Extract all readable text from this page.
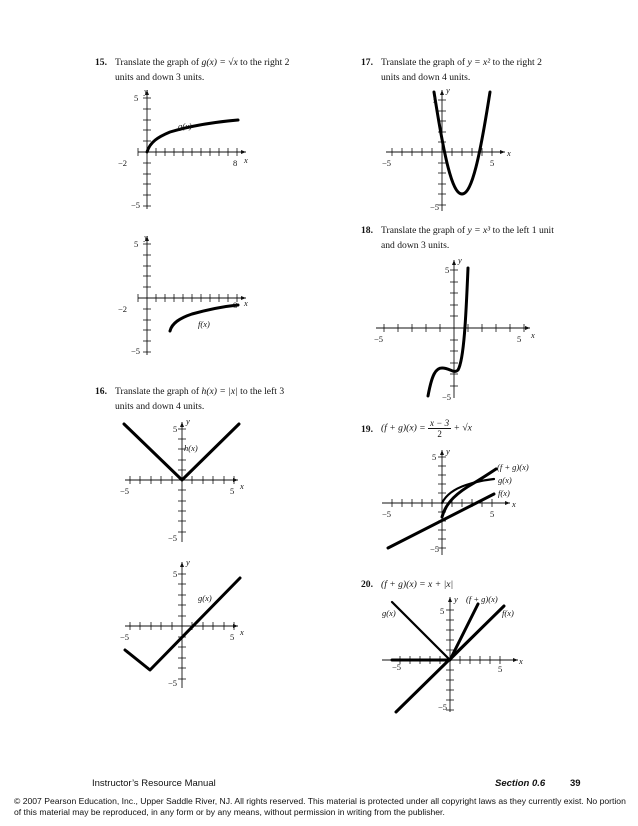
15. Translate the graph of g(x) = √x to the right 2
units and down 3 units.
y
5
−5
−2	8 x
g(x)
y
5
−5
−2	8 x
f(x)
16. Translate the graph of h(x) = |x| to the left 3
units and down 4 units.
y
5
−5
−5	5 x
h(x)
y
5
−5
−5	5 x
g(x)
17. Translate the graph of y = x² to the right 2
units and down 4 units.
y
5
−5
−5	5
x
18. Translate the graph of y = x³ to the left 1 unit
and down 3 units.
y
5
−5
−5	5 x
19. $(f + g)(x) = \frac{x - 3}{2} + √x$
y
5
−5
−5	5
x
(f + g)(x)
g(x)
f(x)
20. (f + g)(x) = x + |x|
y
5
−5
−5	5
x
(f + g)(x)
g(x)	f(x)
Instructor’s Resource Manual	Section 0.6	39
© 2007 Pearson Education, Inc., Upper Saddle River, NJ. All rights reserved. This material is protected under all copyright laws as they currently exist. No portion of this material may be reproduced, in any form or by any means, without permission in writing from the publisher.
